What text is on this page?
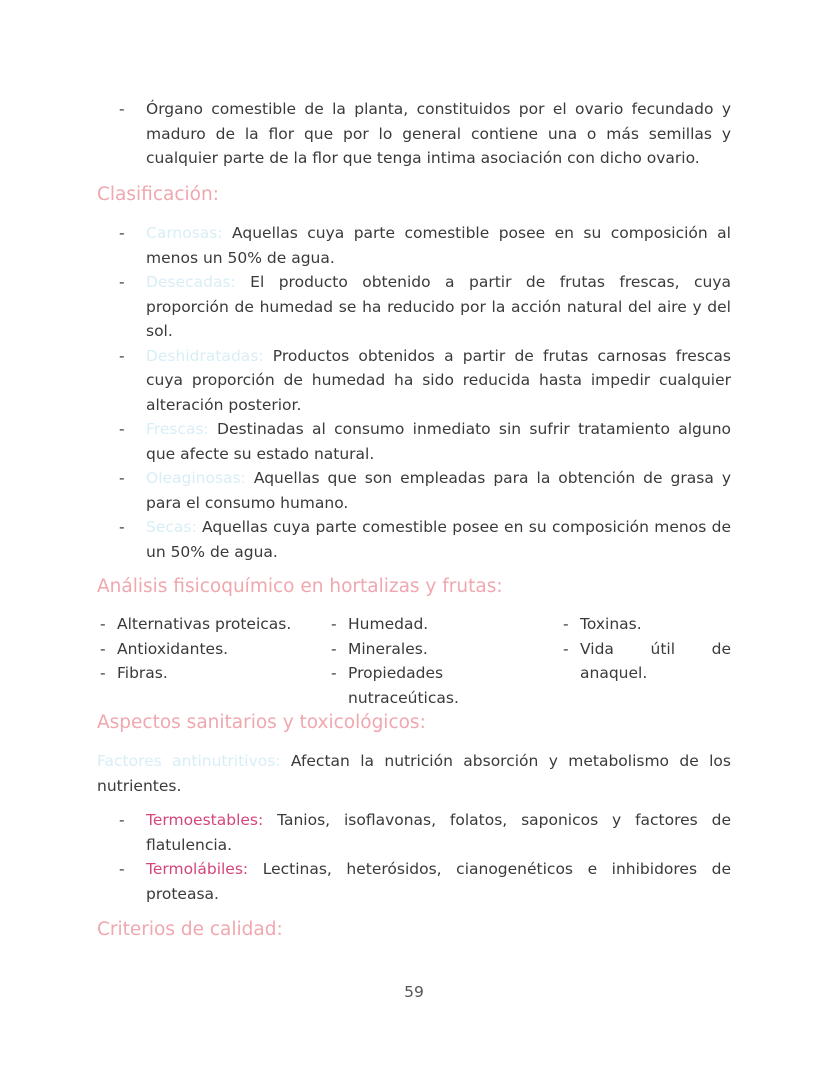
- Órgano comestible de la planta, constituidos por el ovario fecundado y maduro de la flor que por lo general contiene una o más semillas y cualquier parte de la flor que tenga intima asociación con dicho ovario.
Clasificación:
- Carnosas: Aquellas cuya parte comestible posee en su composición al menos un 50% de agua.
- Desecadas: El producto obtenido a partir de frutas frescas, cuya proporción de humedad se ha reducido por la acción natural del aire y del sol.
- Deshidratadas: Productos obtenidos a partir de frutas carnosas frescas cuya proporción de humedad ha sido reducida hasta impedir cualquier alteración posterior.
- Frescas: Destinadas al consumo inmediato sin sufrir tratamiento alguno que afecte su estado natural.
- Oleaginosas: Aquellas que son empleadas para la obtención de grasa y para el consumo humano.
- Secas: Aquellas cuya parte comestible posee en su composición menos de un 50% de agua.
Análisis fisicoquímico en hortalizas y frutas:
- Alternativas proteicas.
- Antioxidantes.
- Fibras.
- Humedad.
- Minerales.
- Propiedades nutraceúticas.
- Toxinas.
- Vida útil de anaquel.
Aspectos sanitarios y toxicológicos:
Factores antinutritivos: Afectan la nutrición absorción y metabolismo de los nutrientes.
- Termoestables: Tanios, isoflavonas, folatos, saponicos y factores de flatulencia.
- Termolábiles: Lectinas, heterósidos, cianogenéticos e inhibidores de proteasa.
Criterios de calidad:
59
